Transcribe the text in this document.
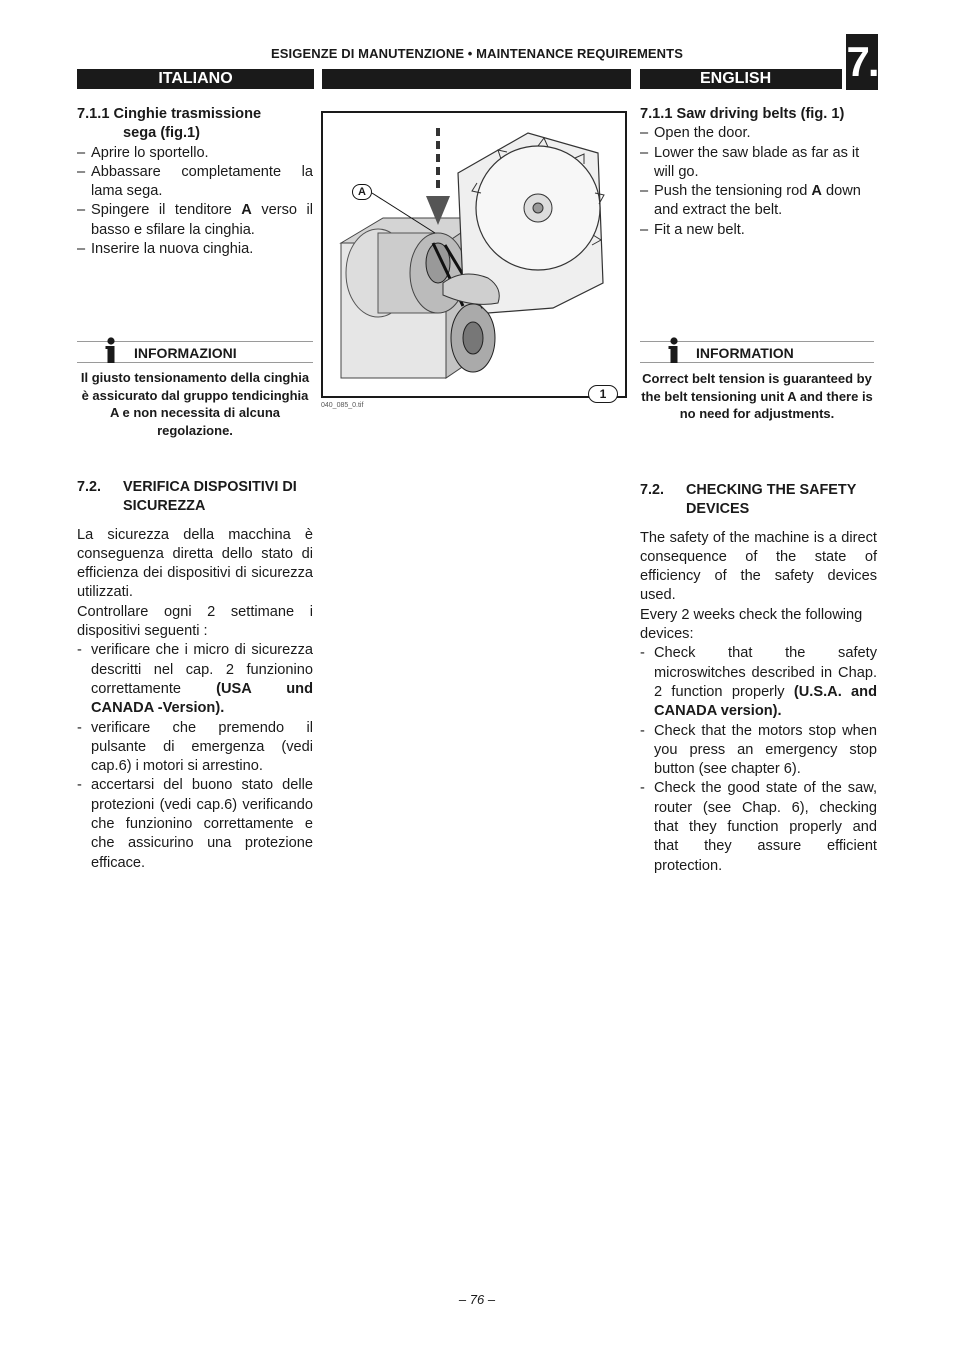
ESIGENZE DI MANUTENZIONE • MAINTENANCE REQUIREMENTS	7.
ITALIANO	ENGLISH

7.1.1 Cinghie trasmissione

sega (fig.1)

– Aprire lo sportello.
– Abbassare completamente la lama sega.
– Spingere il tenditore A verso il basso e sfilare la cinghia.
– Inserire la nuova cinghia.
INFORMAZIONI
Il giusto tensionamento della cinghia è assicurato dal gruppo tendicinghia A e non necessita di alcuna regolazione.
7.2.	VERIFICA DISPOSITIVI DI SICUREZZA

La sicurezza della macchina è conseguenza diretta dello stato di efficienza dei dispositivi di sicurezza utilizzati.

Controllare ogni 2 settimane i dispositivi seguenti :

- verificare che i micro di sicurezza descritti nel cap. 2 funzionino correttamente (USA und CANADA -Version).
- verificare che premendo il pulsante di emergenza (vedi cap.6) i motori si arrestino.
- accertarsi del buono stato delle protezioni (vedi cap.6) verificando che funzionino correttamente e che assicurino una protezione efficace.
A
1
040_085_0.tif

7.1.1 Saw driving belts (fig. 1)

– Open the door.
– Lower the saw blade as far as it will go.
– Push the tensioning rod A down and extract the belt.
– Fit a new belt.
INFORMATION
Correct belt tension is guaranteed by the belt tensioning unit A and there is no need for adjustments.
7.2.	CHECKING THE SAFETY DEVICES

The safety of the machine is a direct consequence of the state of efficiency of the safety devices used.

Every 2 weeks check the following devices:

- Check that the safety microswitches described in Chap. 2 function properly (U.S.A. and CANADA version).
- Check that the motors stop when you press an emergency stop button (see chapter 6).
- Check the good state of the saw, router (see Chap. 6), checking that they function properly and that they assure efficient protection.
– 76 –
